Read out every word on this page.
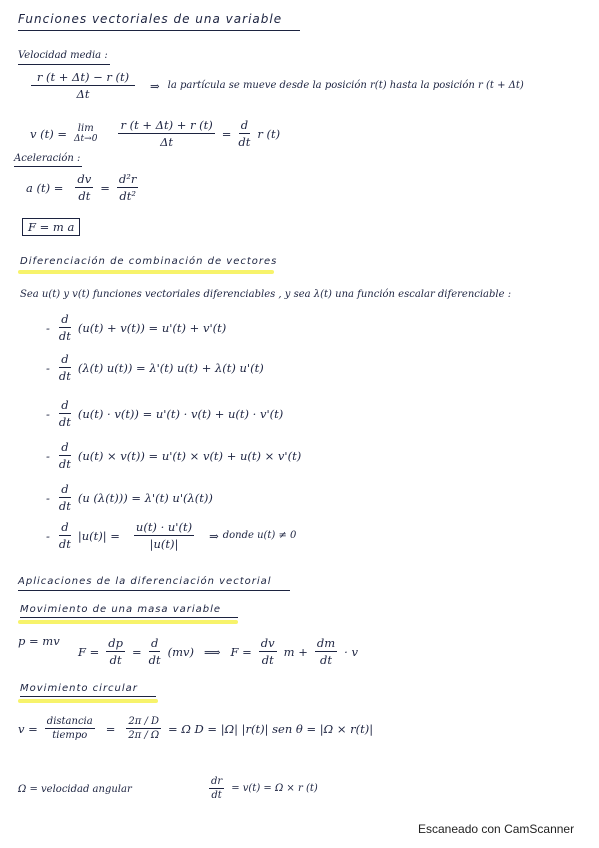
Funciones vectoriales de una variable
Velocidad media :
$\frac{r (t + \Delta t) - r (t)}{\Delta t}$ ⇒ la partícula se mueve desde la posición r(t) hasta la posición r (t + Δt)
v (t) = lim
$\Delta t\to 0 \frac{r (t + \Delta t) + r (t)}{\Delta t} = \frac{d}{dt}$ r (t)
Aceleración :
a $(t) = \frac{dv}{dt} = \frac{\text{d²r}}{\text{dt²}}$
F = m a
Diferenciación de combinación de vectores
Sea u(t) y v(t) funciones vectoriales diferenciables , y sea λ(t) una función escalar diferenciable :
- $\frac{d}{dt} (u(t) + v(t)) = u'(t) + v'(t)$
- $\frac{d}{dt} (\lambda(t) u(t)) = \lambda'(t) u(t) + \lambda(t)$ u'(t)
- $\frac{d}{dt} (u(t) \cdot v(t)) = u'(t) \cdot v(t) + u(t) \cdot v'(t)$
- $\frac{d}{dt} (u(t) \times v(t)) = u'(t) \times v(t) + u(t) \times v'(t)$
- $\frac{d}{dt} (u$ (λ(t))) = λ'(t) u'(λ(t))
- $\frac{d}{dt} |u(t)| = \frac{u(t) \cdot u'(t)}{|u(t)|}$ ⇒ donde u(t) ≠ 0
Aplicaciones de la diferenciación vectorial
Movimiento de una masa variable
p = mv
$F = \frac{dp}{dt} = \frac{d}{dt} (mv)$ ⟹ $F = \frac{dv}{dt}$ $m + \frac{dm}{dt} \cdot v$
Movimiento circular
$v = \frac{\text{distancia}}{\text{tiempo}} = \frac{2\pi / D}{2\pi / \Omega} = \Omega$ D = |Ω| |r(t)| sen θ = |Ω × r(t)|
Ω = velocidad angular	$\frac{dr}{dt} = v(t) = \Omega \times r$ (t)
Escaneado con CamScanner
